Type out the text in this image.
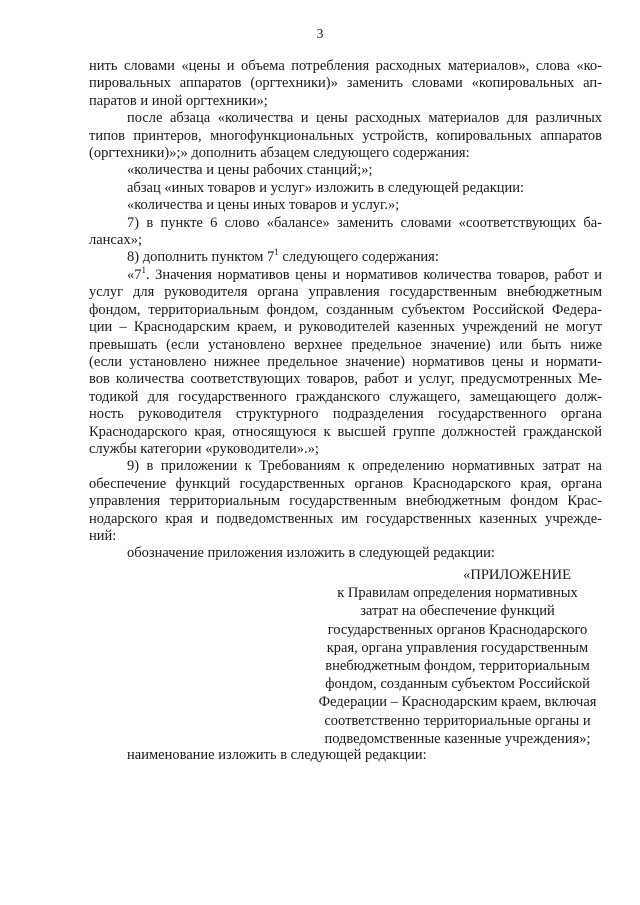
3

нить словами «цены и объема потребления расходных материалов», слова «ко-

пировальных аппаратов (оргтехники)» заменить словами «копировальных ап-

паратов и иной оргтехники»;

после абзаца «количества и цены расходных материалов для различных

типов принтеров, многофункциональных устройств, копировальных аппаратов

(оргтехники)»;» дополнить абзацем следующего содержания:

«количества и цены рабочих станций;»;

абзац «иных товаров и услуг» изложить в следующей редакции:

«количества и цены иных товаров и услуг.»;

7) в пункте 6 слово «балансе» заменить словами «соответствующих ба-

лансах»;

8) дополнить пунктом $7^1$ следующего содержания:

«$7^1$. Значения нормативов цены и нормативов количества товаров, работ и

услуг для руководителя органа управления государственным внебюджетным

фондом, территориальным фондом, созданным субъектом Российской Федера-

ции – Краснодарским краем, и руководителей казенных учреждений не могут

превышать (если установлено верхнее предельное значение) или быть ниже

(если установлено нижнее предельное значение) нормативов цены и нормати-

вов количества соответствующих товаров, работ и услуг, предусмотренных Ме-

тодикой для государственного гражданского служащего, замещающего долж-

ность руководителя структурного подразделения государственного органа

Краснодарского края, относящуюся к высшей группе должностей гражданской

службы категории «руководители».»;

9) в приложении к Требованиям к определению нормативных затрат на

обеспечение функций государственных органов Краснодарского края, органа

управления территориальным государственным внебюджетным фондом Крас-

нодарского края и подведомственных им государственных казенных учрежде-

ний:

обозначение приложения изложить в следующей редакции:

«ПРИЛОЖЕНИЕ

к Правилам определения нормативных

затрат на обеспечение функций

государственных органов Краснодарского

края, органа управления государственным

внебюджетным фондом, территориальным

фондом, созданным субъектом Российской

Федерации – Краснодарским краем, включая

соответственно территориальные органы и

подведомственные казенные учреждения»;

наименование изложить в следующей редакции:
